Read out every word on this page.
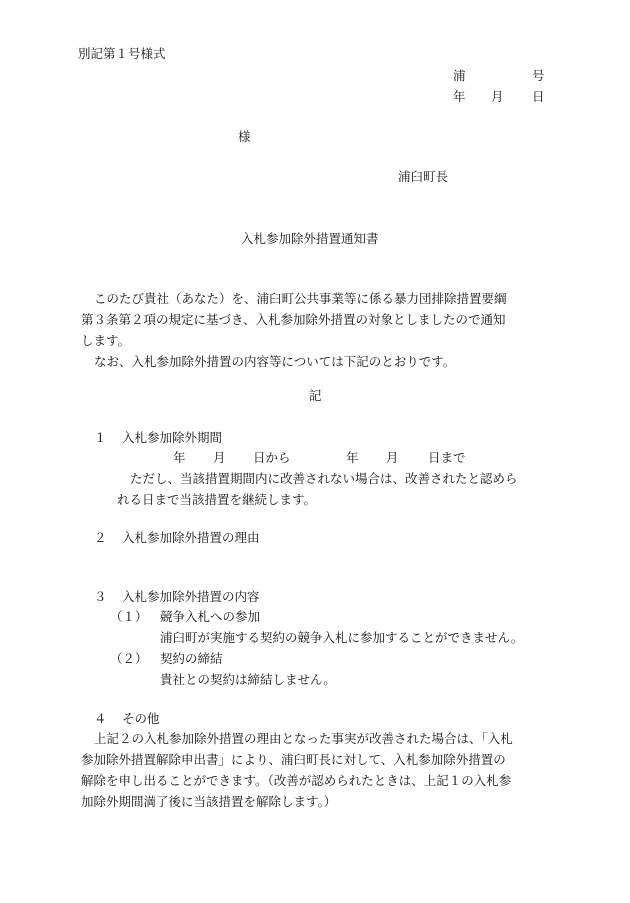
別記第１号様式
浦	号
年 月 日
様
浦臼町長
入札参加除外措置通知書
このたび貴社（あなた）を、浦臼町公共事業等に係る暴力団排除措置要綱
第３条第２項の規定に基づき、入札参加除外措置の対象としましたので通知
します。
なお、入札参加除外措置の内容等については下記のとおりです。
記
１ 入札参加除外期間
年 月 日から	年 月 日まで
ただし、当該措置期間内に改善されない場合は、改善されたと認めら
れる日まで当該措置を継続します。
２ 入札参加除外措置の理由
３ 入札参加除外措置の内容
（１） 競争入札への参加
浦臼町が実施する契約の競争入札に参加することができません。
（２） 契約の締結
貴社との契約は締結しません。
４ その他
上記２の入札参加除外措置の理由となった事実が改善された場合は、「入札
参加除外措置解除申出書」により、浦臼町長に対して、入札参加除外措置の
解除を申し出ることができます。（改善が認められたときは、上記１の入札参
加除外期間満了後に当該措置を解除します。）
